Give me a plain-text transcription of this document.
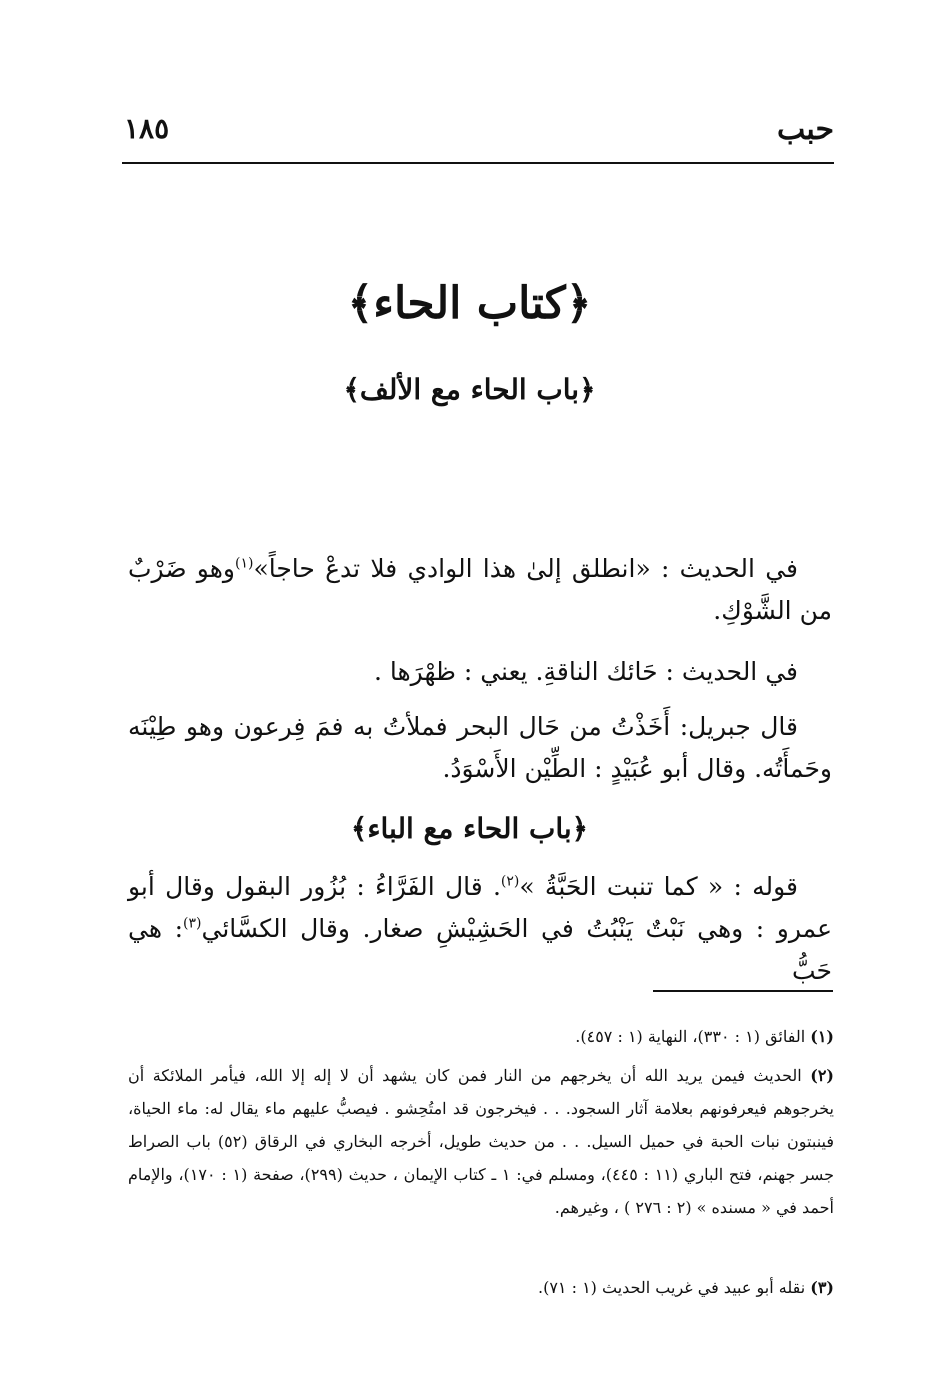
حبب
١٨٥
﴿كتاب الحاء﴾
﴿باب الحاء مع الألف﴾
في الحديث : «انطلق إلىٰ هذا الوادي فلا تدعْ حاجاً»$^{(١)}$وهو ضَرْبٌ من الشَّوْكِ.
في الحديث : حَائك الناقةِ. يعني : ظهْرَها .
قال جبريل: أَخَذْتُ من حَال البحر فملأتُ به فمَ فِرعون وهو طِيْنَه وحَمأَتُه. وقال أبو عُبَيْدٍ : الطِّيْن الأَسْوَدُ.
﴿باب الحاء مع الباء﴾
قوله : « كما تنبت الحَبَّةُ »$^{(٢)}$. قال الفَرَّاءُ : بُزُور البقول وقال أبو عمرو : وهي نَبْتٌ يَنْبُتُ في الحَشِيْشِ صغار. وقال الكسَّائي$^{(٣)}$: هي حَبُّ
(١) الفائق (١ : ٣٣٠)، النهاية (١ : ٤٥٧).
(٢) الحديث فيمن يريد الله أن يخرجهم من النار فمن كان يشهد أن لا إله إلا الله، فيأمر الملائكة أن يخرجوهم فيعرفونهم بعلامة آثار السجود. . . فيخرجون قد امتُحِشو . فيصبُّ عليهم ماء يقال له: ماء الحياة، فينبتون نبات الحبة في حميل السيل. . . من حديث طويل، أخرجه البخاري في الرقاق (٥٢) باب الصراط جسر جهنم، فتح الباري (١١ : ٤٤٥)، ومسلم في: ١ ـ كتاب الإيمان ، حديث (٢٩٩)، صفحة (١ : ١٧٠)، والإمام أحمد في « مسنده » (٢ : ٢٧٦ ) ، وغيرهم.
(٣) نقله أبو عبيد في غريب الحديث (١ : ٧١).
